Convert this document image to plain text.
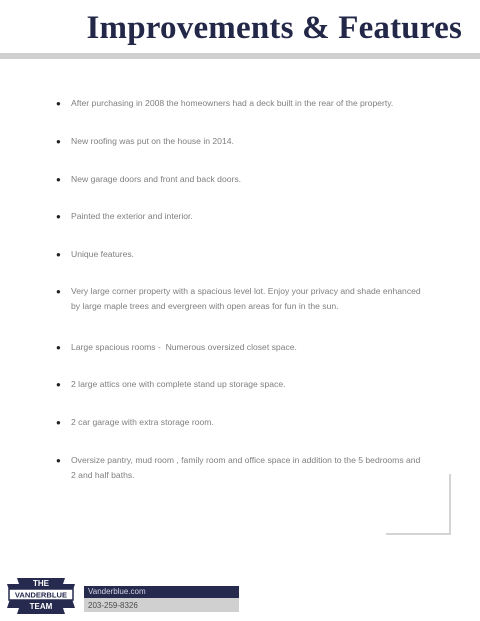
Improvements & Features
● After purchasing in 2008 the homeowners had a deck built in the rear of the property.
● New roofing was put on the house in 2014.
● New garage doors and front and back doors.
● Painted the exterior and interior.
● Unique features.
● Very large corner property with a spacious level lot. Enjoy your privacy and shade enhanced by large maple trees and evergreen with open areas for fun in the sun.
● Large spacious rooms -  Numerous oversized closet space.
● 2 large attics one with complete stand up storage space.
● 2 car garage with extra storage room.
● Oversize pantry, mud room , family room and office space in addition to the 5 bedrooms and 2 and half baths.
THE
VANDERBLUE
TEAM
Vanderblue.com
203-259-8326
